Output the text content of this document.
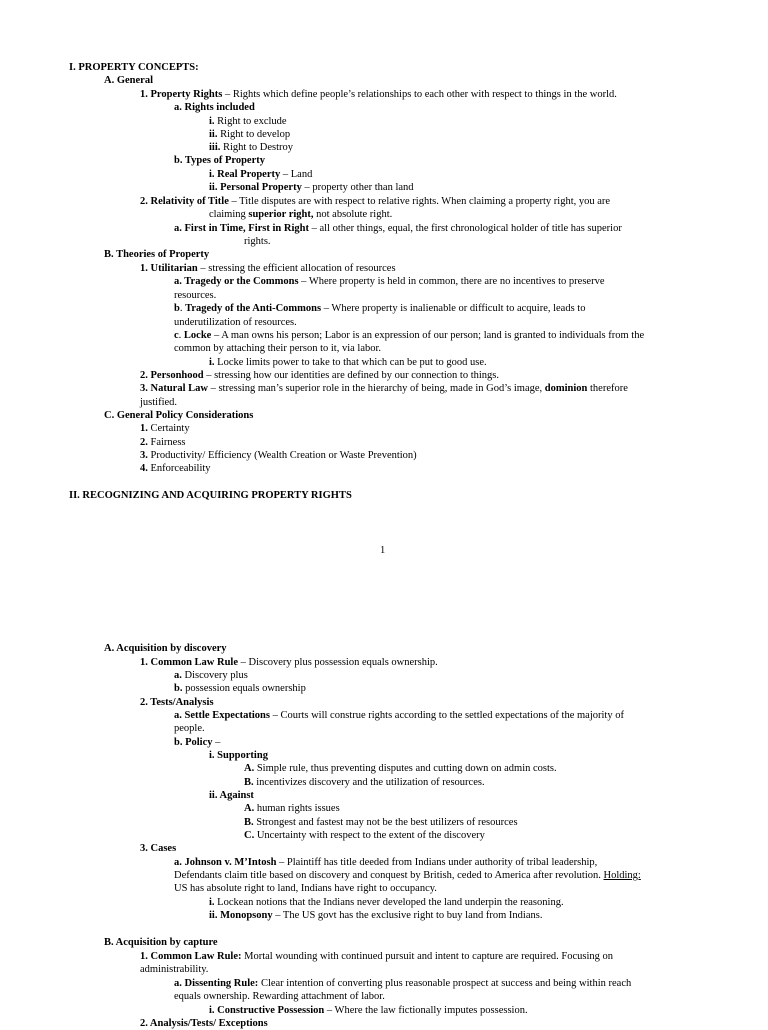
1
I. PROPERTY CONCEPTS:
A. General
1. Property Rights – Rights which define people’s relationships to each other with respect to things in the world.
a. Rights included
i. Right to exclude
ii. Right to develop
iii. Right to Destroy
b. Types of Property
i. Real Property – Land
ii. Personal Property – property other than land
2. Relativity of Title – Title disputes are with respect to relative rights. When claiming a property right, you are
claiming superior right, not absolute right.
a. First in Time, First in Right – all other things, equal, the first chronological holder of title has superior
rights.
B. Theories of Property
1. Utilitarian – stressing the efficient allocation of resources
a. Tragedy or the Commons – Where property is held in common, there are no incentives to preserve
resources.
b. Tragedy of the Anti-Commons – Where property is inalienable or difficult to acquire, leads to
underutilization of resources.
c. Locke – A man owns his person; Labor is an expression of our person; land is granted to individuals from the
common by attaching their person to it, via labor.
i. Locke limits power to take to that which can be put to good use.
2. Personhood – stressing how our identities are defined by our connection to things.
3. Natural Law – stressing man’s superior role in the hierarchy of being, made in God’s image, dominion therefore
justified.
C. General Policy Considerations
1. Certainty
2. Fairness
3. Productivity/ Efficiency (Wealth Creation or Waste Prevention)
4. Enforceability
II. RECOGNIZING AND ACQUIRING PROPERTY RIGHTS
A. Acquisition by discovery
1. Common Law Rule – Discovery plus possession equals ownership.
a. Discovery plus
b. possession equals ownership
2. Tests/Analysis
a. Settle Expectations – Courts will construe rights according to the settled expectations of the majority of
people.
b. Policy –
i. Supporting
A. Simple rule, thus preventing disputes and cutting down on admin costs.
B. incentivizes discovery and the utilization of resources.
ii. Against
A. human rights issues
B. Strongest and fastest may not be the best utilizers of resources
C. Uncertainty with respect to the extent of the discovery
3. Cases
a. Johnson v. M’Intosh – Plaintiff has title deeded from Indians under authority of tribal leadership,
Defendants claim title based on discovery and conquest by British, ceded to America after revolution. Holding:
US has absolute right to land, Indians have right to occupancy.
i. Lockean notions that the Indians never developed the land underpin the reasoning.
ii. Monopsony – The US govt has the exclusive right to buy land from Indians.
B. Acquisition by capture
1. Common Law Rule: Mortal wounding with continued pursuit and intent to capture are required. Focusing on
administrability.
a. Dissenting Rule: Clear intention of converting plus reasonable prospect at success and being within reach
equals ownership. Rewarding attachment of labor.
i. Constructive Possession – Where the law fictionally imputes possession.
2. Analysis/Tests/ Exceptions
